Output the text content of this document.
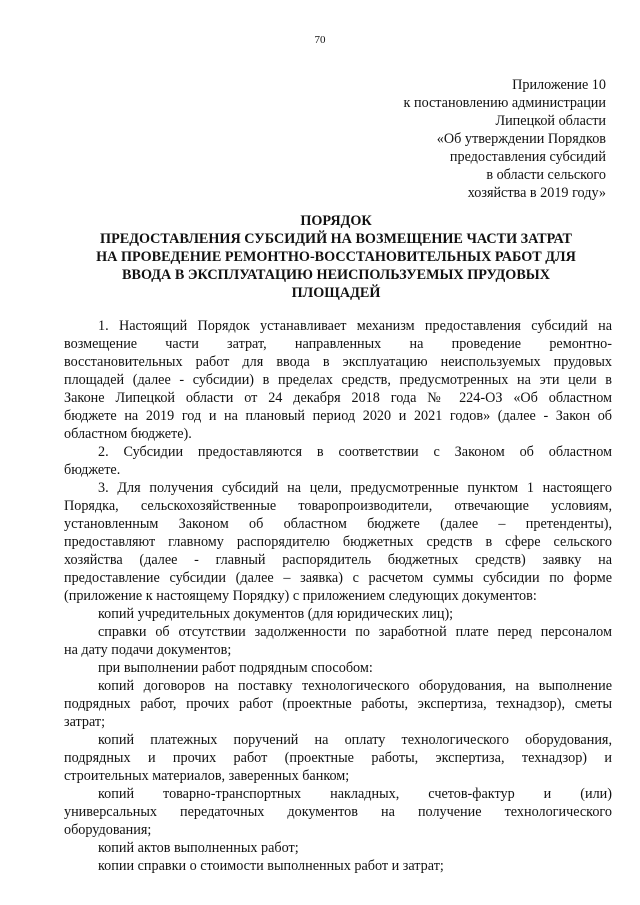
70
Приложение 10
к постановлению администрации
Липецкой области
«Об утверждении Порядков
предоставления субсидий
в области сельского
хозяйства в 2019 году»
ПОРЯДОК
ПРЕДОСТАВЛЕНИЯ СУБСИДИЙ НА ВОЗМЕЩЕНИЕ ЧАСТИ ЗАТРАТ
НА ПРОВЕДЕНИЕ РЕМОНТНО-ВОССТАНОВИТЕЛЬНЫХ РАБОТ ДЛЯ
ВВОДА В ЭКСПЛУАТАЦИЮ НЕИСПОЛЬЗУЕМЫХ ПРУДОВЫХ
ПЛОЩАДЕЙ
1. Настоящий Порядок устанавливает механизм предоставления субсидий на
возмещение части затрат, направленных на проведение ремонтно-
восстановительных работ для ввода в эксплуатацию неиспользуемых прудовых
площадей (далее - субсидии) в пределах средств, предусмотренных на эти цели в
Законе Липецкой области от 24 декабря 2018 года № 224-ОЗ «Об областном
бюджете на 2019 год и на плановый период 2020 и 2021 годов» (далее - Закон об
областном бюджете).
2. Субсидии предоставляются в соответствии с Законом об областном
бюджете.
3. Для получения субсидий на цели, предусмотренные пунктом 1 настоящего
Порядка, сельскохозяйственные товаропроизводители, отвечающие условиям,
установленным Законом об областном бюджете (далее – претенденты),
предоставляют главному распорядителю бюджетных средств в сфере сельского
хозяйства (далее - главный распорядитель бюджетных средств) заявку на
предоставление субсидии (далее – заявка) с расчетом суммы субсидии по форме
(приложение к настоящему Порядку) с приложением следующих документов:
копий учредительных документов (для юридических лиц);
справки об отсутствии задолженности по заработной плате перед персоналом
на дату подачи документов;
при выполнении работ подрядным способом:
копий договоров на поставку технологического оборудования, на выполнение
подрядных работ, прочих работ (проектные работы, экспертиза, технадзор), сметы
затрат;
копий платежных поручений на оплату технологического оборудования,
подрядных и прочих работ (проектные работы, экспертиза, технадзор) и
строительных материалов, заверенных банком;
копий товарно-транспортных накладных, счетов-фактур и (или)
универсальных передаточных документов на получение технологического
оборудования;
копий актов выполненных работ;
копии справки о стоимости выполненных работ и затрат;
